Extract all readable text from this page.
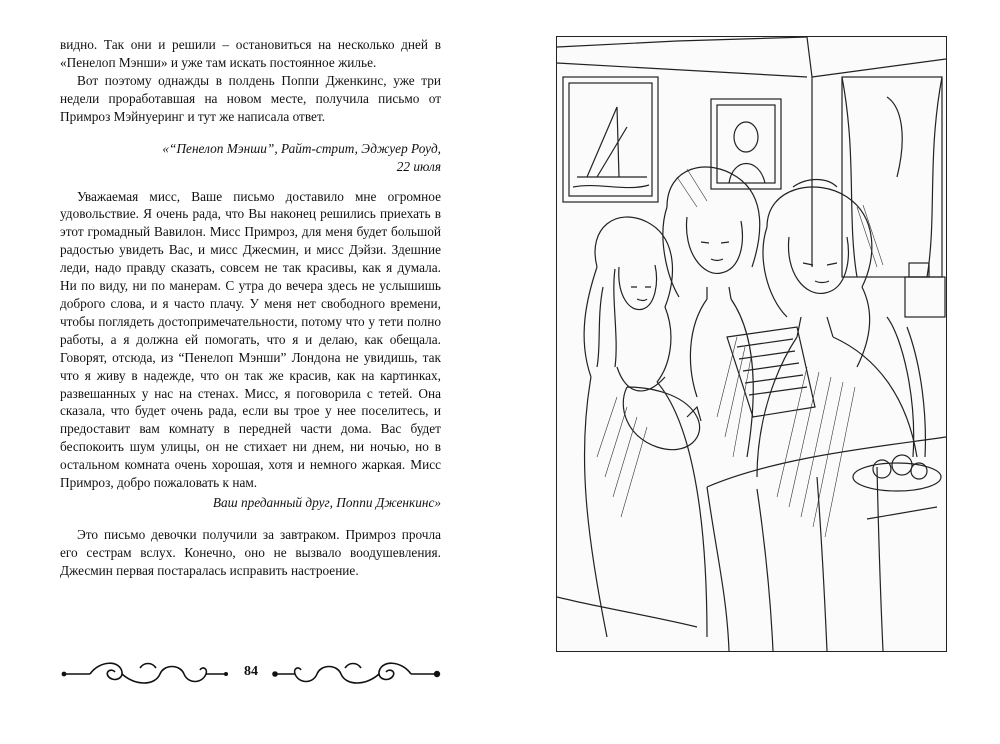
видно. Так они и решили – остановиться на несколько дней в «Пенелоп Мэнши» и уже там искать постоянное жилье.

Вот поэтому однажды в полдень Поппи Дженкинс, уже три недели проработавшая на новом месте, получила письмо от Примроз Мэйнуеринг и тут же написала ответ.

«“Пенелоп Мэнши”, Райт-стрит, Эджуер Роуд,
22 июля

Уважаемая мисс, Ваше письмо доставило мне огромное удовольствие. Я очень рада, что Вы наконец решились приехать в этот громадный Вавилон. Мисс Примроз, для меня будет большой радостью увидеть Вас, и мисс Джесмин, и мисс Дэйзи. Здешние леди, надо правду сказать, совсем не так красивы, как я думала. Ни по виду, ни по манерам. С утра до вечера здесь не услышишь доброго слова, и я часто плачу. У меня нет свободного времени, чтобы поглядеть достопримечательности, потому что у тети полно работы, а я должна ей помогать, что я и делаю, как обещала. Говорят, отсюда, из “Пенелоп Мэнши” Лондона не увидишь, так что я живу в надежде, что он так же красив, как на картинках, развешанных у нас на стенах. Мисс, я поговорила с тетей. Она сказала, что будет очень рада, если вы трое у нее поселитесь, и предоставит вам комнату в передней части дома. Вас будет беспокоить шум улицы, он не стихает ни днем, ни ночью, но в остальном комната очень хорошая, хотя и немного жаркая. Мисс Примроз, добро пожаловать к нам.

Ваш преданный друг, Поппи Дженкинс»

Это письмо девочки получили за завтраком. Примроз прочла его сестрам вслух. Конечно, оно не вызвало воодушевления. Джесмин первая постаралась исправить настроение.

84
